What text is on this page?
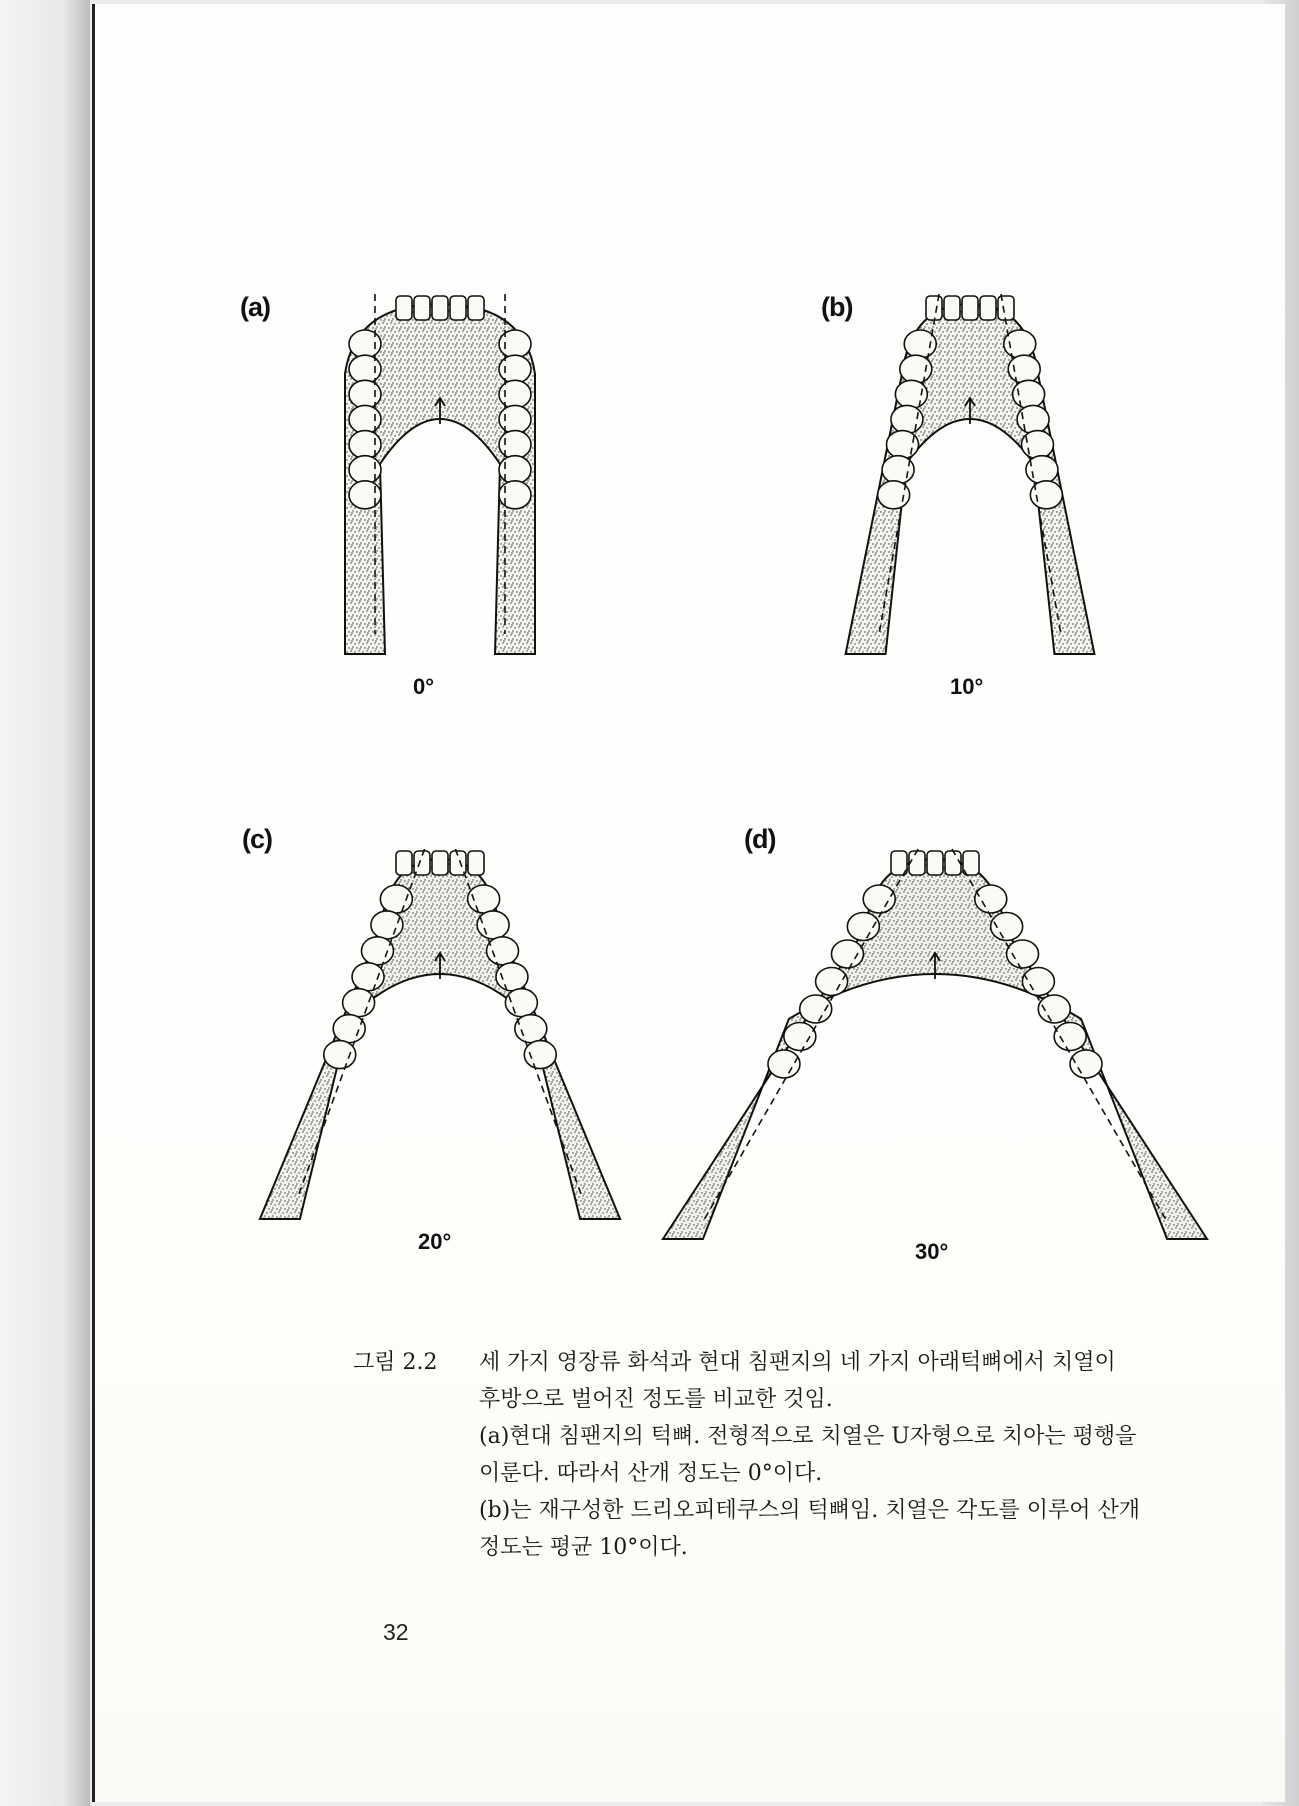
(a)
0°
(b)
10°
(c)
20°
(d)
30°
그림 2.2 세 가지 영장류 화석과 현대 침팬지의 네 가지 아래턱뼈에서 치열이
후방으로 벌어진 정도를 비교한 것임.
(a)현대 침팬지의 턱뼈. 전형적으로 치열은 U자형으로 치아는 평행을
이룬다. 따라서 산개 정도는 0°이다.
(b)는 재구성한 드리오피테쿠스의 턱뼈임. 치열은 각도를 이루어 산개
정도는 평균 10°이다.
32
